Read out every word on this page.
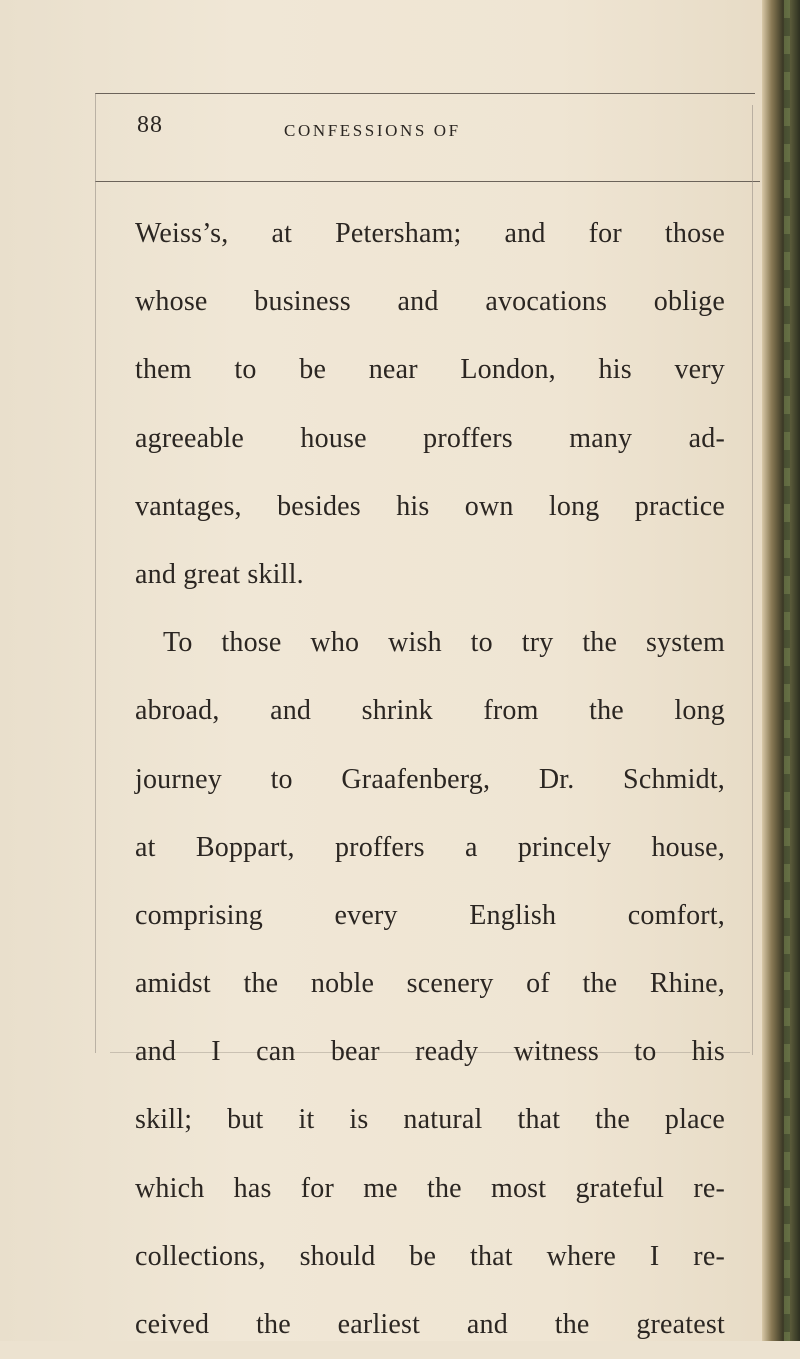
88	CONFESSIONS OF
Weiss’s, at Petersham; and for those
whose business and avocations oblige
them to be near London, his very
agreeable house proffers many ad-
vantages, besides his own long practice
and great skill.
To those who wish to try the system
abroad, and shrink from the long
journey to Graafenberg, Dr. Schmidt,
at Boppart, proffers a princely house,
comprising every English comfort,
amidst the noble scenery of the Rhine,
and I can bear ready witness to his
skill; but it is natural that the place
which has for me the most grateful re-
collections, should be that where I re-
ceived the earliest and the greatest
